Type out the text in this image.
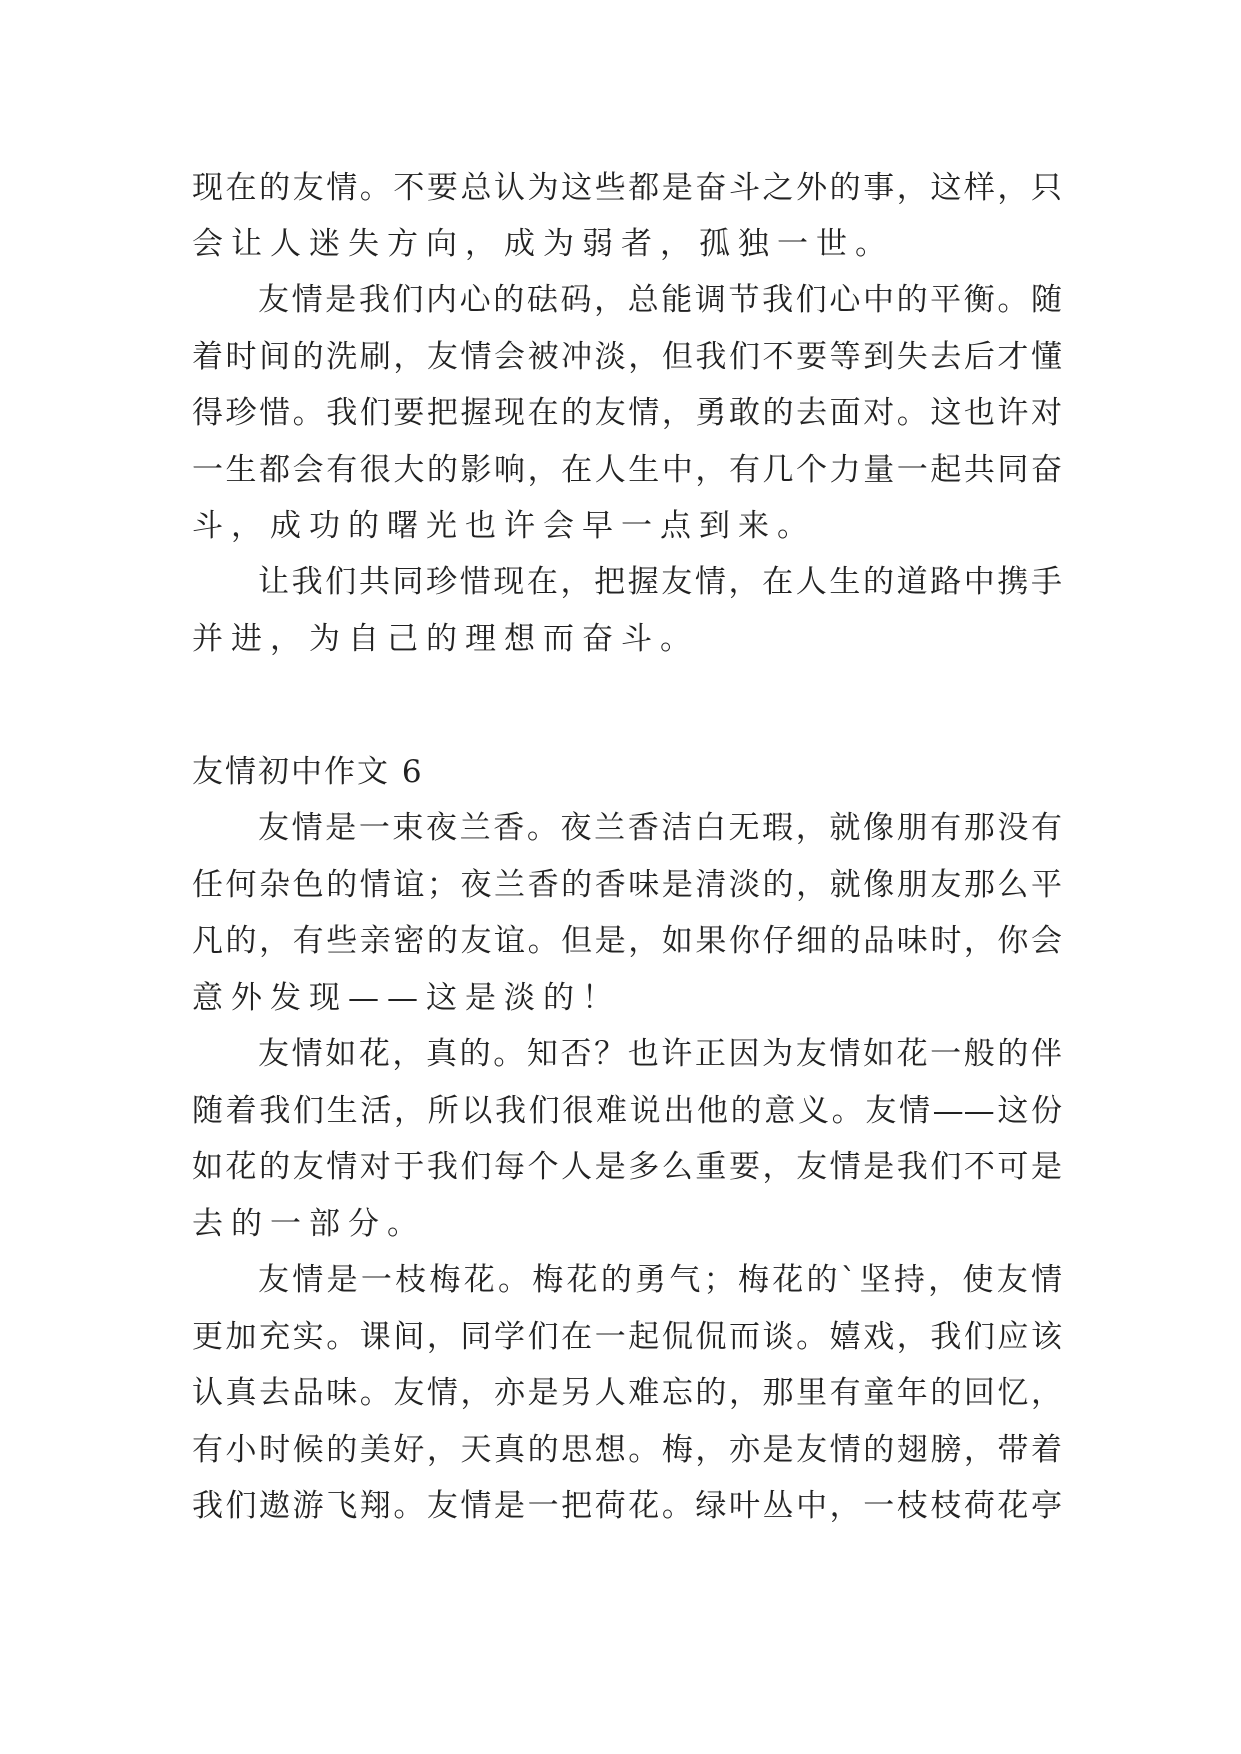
现在的友情。不要总认为这些都是奋斗之外的事，这样，只
会让人迷失方向，成为弱者，孤独一世。
友情是我们内心的砝码，总能调节我们心中的平衡。随
着时间的洗刷，友情会被冲淡，但我们不要等到失去后才懂
得珍惜。我们要把握现在的友情，勇敢的去面对。这也许对
一生都会有很大的影响，在人生中，有几个力量一起共同奋
斗，成功的曙光也许会早一点到来。
让我们共同珍惜现在，把握友情，在人生的道路中携手
并进，为自己的理想而奋斗。
友情初中作文 6
友情是一束夜兰香。夜兰香洁白无瑕，就像朋有那没有
任何杂色的情谊；夜兰香的香味是清淡的，就像朋友那么平
凡的，有些亲密的友谊。但是，如果你仔细的品味时，你会
意外发现——这是淡的！
友情如花，真的。知否？也许正因为友情如花一般的伴
随着我们生活，所以我们很难说出他的意义。友情——这份
如花的友情对于我们每个人是多么重要，友情是我们不可是
去的一部分。
友情是一枝梅花。梅花的勇气；梅花的`坚持，使友情
更加充实。课间，同学们在一起侃侃而谈。嬉戏，我们应该
认真去品味。友情，亦是另人难忘的，那里有童年的回忆，
有小时候的美好，天真的思想。梅，亦是友情的翅膀，带着
我们遨游飞翔。友情是一把荷花。绿叶丛中，一枝枝荷花亭
